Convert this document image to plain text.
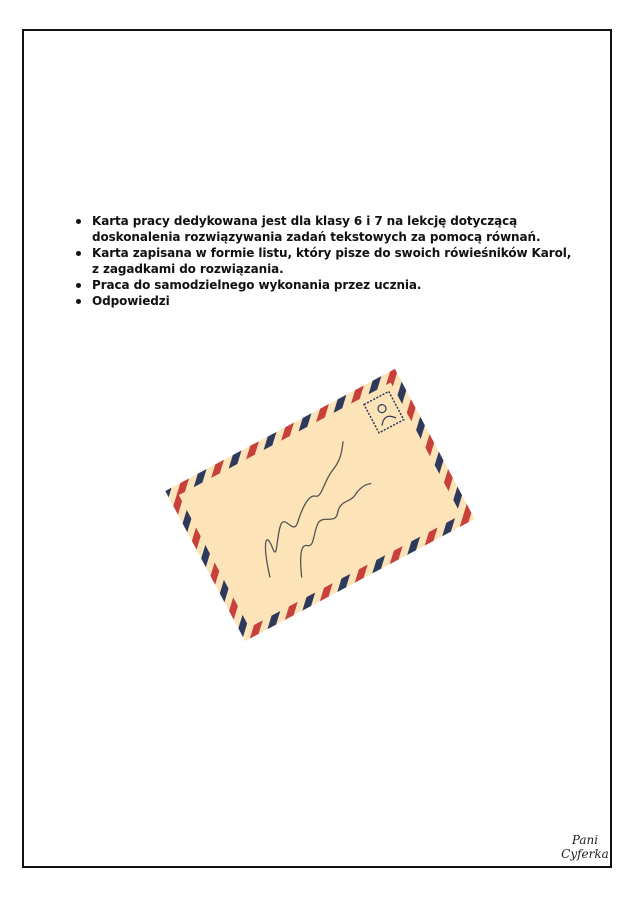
Karta pracy dedykowana jest dla klasy 6 i 7 na lekcję dotyczącą doskonalenia rozwiązywania zadań tekstowych za pomocą równań.
Karta zapisana w formie listu, który pisze do swoich rówieśników Karol, z zagadkami do rozwiązania.
Praca do samodzielnego wykonania przez ucznia.
Odpowiedzi
Pani
Cyferka
